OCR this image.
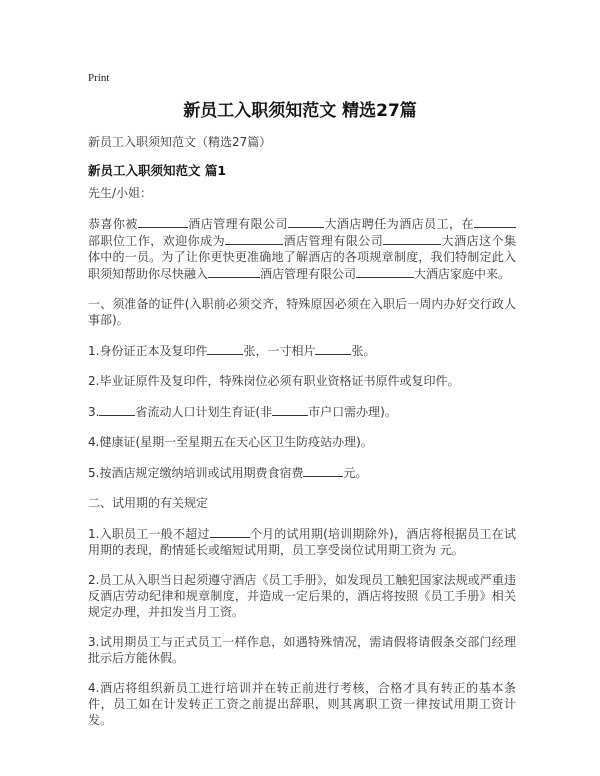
Print
新员工入职须知范文 精选27篇
新员工入职须知范文（精选27篇）
新员工入职须知范文 篇1

先生/小姐：

恭喜你被	酒店管理有限公司	大酒店聘任为酒店员工，在部职位工作，欢迎你成为	酒店管理有限公司	大酒店这个集体中的一员。为了让你更快更准确地了解酒店的各项规章制度，我们特制定此入职须知帮助你尽快融入	酒店管理有限公司	大酒店家庭中来。

一、须准备的证件(入职前必须交齐，特殊原因必须在入职后一周内办好交行政人事部)。

1.身份证正本及复印件	张，一寸相片	张。

2.毕业证原件及复印件，特殊岗位必须有职业资格证书原件或复印件。

3.	省流动人口计划生育证(非	市户口需办理)。

4.健康证(星期一至星期五在天心区卫生防疫站办理)。

5.按酒店规定缴纳培训或试用期费食宿费	元。

二、试用期的有关规定

1.入职员工一般不超过	个月的试用期(培训期除外)，酒店将根据员工在试用期的表现，酌情延长或缩短试用期，员工享受岗位试用期工资为 元。

2.员工从入职当日起须遵守酒店《员工手册》，如发现员工触犯国家法规或严重违反酒店劳动纪律和规章制度，并造成一定后果的，酒店将按照《员工手册》相关规定办理，并扣发当月工资。

3.试用期员工与正式员工一样作息，如遇特殊情况，需请假将请假条交部门经理批示后方能休假。

4.酒店将组织新员工进行培训并在转正前进行考核，合格才具有转正的基本条件，员工如在计发转正工资之前提出辞职，则其离职工资一律按试用期工资计发。
